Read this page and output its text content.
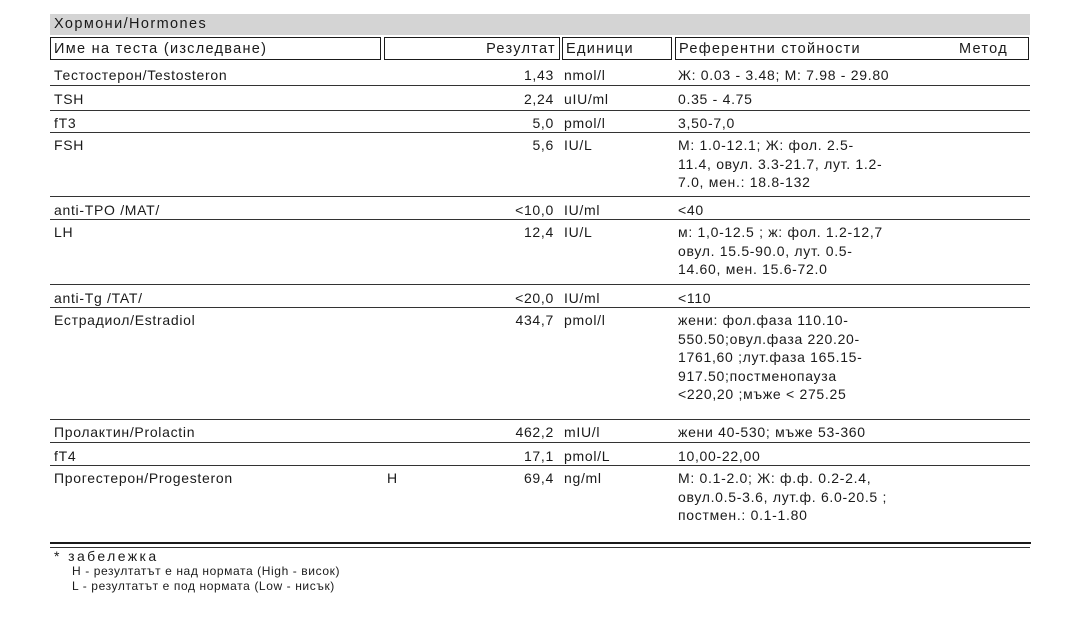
Хормони/Hormones
Име на теста (изследване)	Резултат Единици	Референтни стойности	Метод
Тестостерон/Testosteron	1,43 nmol/l	Ж: 0.03 - 3.48; М: 7.98 - 29.80
TSH	2,24 uIU/ml	0.35 - 4.75
fT3	5,0 pmol/l	3,50-7,0
FSH	5,6 IU/L	М: 1.0-12.1; Ж: фол. 2.5-
11.4, овул. 3.3-21.7, лут. 1.2-
7.0, мен.: 18.8-132
anti-TPO /MAT/	<10,0 IU/ml	<40
LH	12,4 IU/L	м: 1,0-12.5 ; ж: фол. 1.2-12,7
овул. 15.5-90.0, лут. 0.5-
14.60, мен. 15.6-72.0
anti-Tg /TAT/	<20,0 IU/ml	<110
Естрадиол/Estradiol	434,7 pmol/l	жени: фол.фаза 110.10-
550.50;овул.фаза 220.20-
1761,60 ;лут.фаза 165.15-
917.50;постменопауза
<220,20 ;мъже < 275.25
Пролактин/Prolactin	462,2 mIU/l	жени 40-530; мъже 53-360
fT4	17,1 pmol/L	10,00-22,00
Прогестерон/Progesteron	H	69,4 ng/ml	М: 0.1-2.0; Ж: ф.ф. 0.2-2.4,
овул.0.5-3.6, лут.ф. 6.0-20.5 ;
постмен.: 0.1-1.80
* забележка
H - резултатът е над нормата (High - висок)
L - резултатът е под нормата (Low - нисък)
